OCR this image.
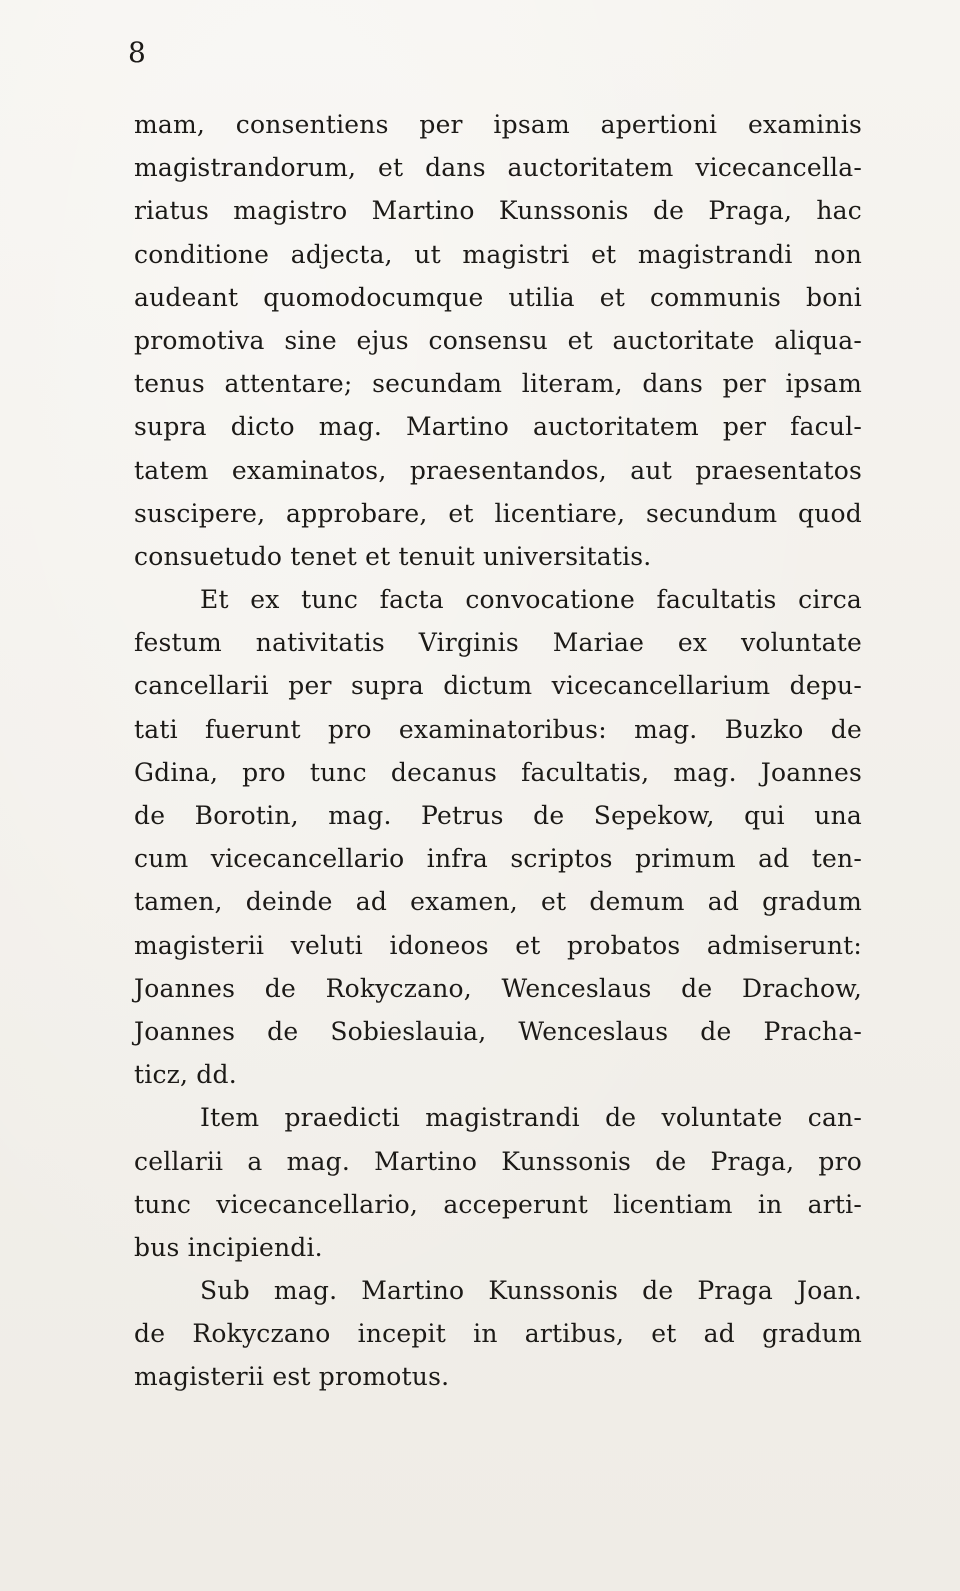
8
mam, consentiens per ipsam apertioni examinis
magistrandorum, et dans auctoritatem vicecancella-
riatus magistro Martino Kunssonis de Praga, hac
conditione adjecta, ut magistri et magistrandi non
audeant quomodocumque utilia et communis boni
promotiva sine ejus consensu et auctoritate aliqua-
tenus attentare; secundam literam, dans per ipsam
supra dicto mag. Martino auctoritatem per facul-
tatem examinatos, praesentandos, aut praesentatos
suscipere, approbare, et licentiare, secundum quod
consuetudo tenet et tenuit universitatis.
Et ex tunc facta convocatione facultatis circa
festum nativitatis Virginis Mariae ex voluntate
cancellarii per supra dictum vicecancellarium depu-
tati fuerunt pro examinatoribus: mag. Buzko de
Gdina, pro tunc decanus facultatis, mag. Joannes
de Borotin, mag. Petrus de Sepekow, qui una
cum vicecancellario infra scriptos primum ad ten-
tamen, deinde ad examen, et demum ad gradum
magisterii veluti idoneos et probatos admiserunt:
Joannes de Rokyczano, Wenceslaus de Drachow,
Joannes de Sobieslauia, Wenceslaus de Pracha-
ticz, dd.
Item praedicti magistrandi de voluntate can-
cellarii a mag. Martino Kunssonis de Praga, pro
tunc vicecancellario, acceperunt licentiam in arti-
bus incipiendi.
Sub mag. Martino Kunssonis de Praga Joan.
de Rokyczano incepit in artibus, et ad gradum
magisterii est promotus.
